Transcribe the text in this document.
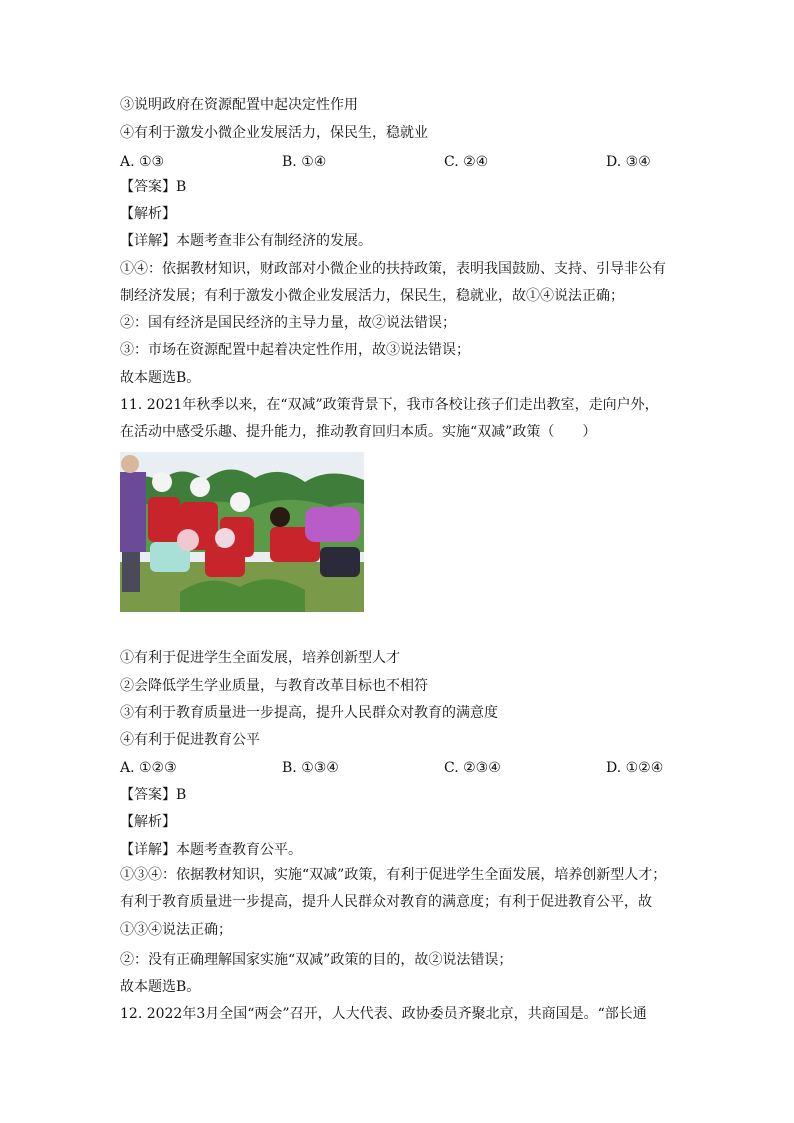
③说明政府在资源配置中起决定性作用
④有利于激发小微企业发展活力，保民生，稳就业
A. ①③	B. ①④	C. ②④	D. ③④
【答案】B
【解析】
【详解】本题考查非公有制经济的发展。
①④：依据教材知识，财政部对小微企业的扶持政策，表明我国鼓励、支持、引导非公有
制经济发展；有利于激发小微企业发展活力，保民生，稳就业，故①④说法正确；
②：国有经济是国民经济的主导力量，故②说法错误；
③：市场在资源配置中起着决定性作用，故③说法错误；
故本题选B。
11. 2021年秋季以来，在“双减”政策背景下，我市各校让孩子们走出教室，走向户外，
在活动中感受乐趣、提升能力，推动教育回归本质。实施“双减”政策（　　）
①有利于促进学生全面发展，培养创新型人才
②会降低学生学业质量，与教育改革目标也不相符
③有利于教育质量进一步提高，提升人民群众对教育的满意度
④有利于促进教育公平
A. ①②③	B. ①③④	C. ②③④	D. ①②④
【答案】B
【解析】
【详解】本题考查教育公平。
①③④：依据教材知识，实施“双减”政策，有利于促进学生全面发展，培养创新型人才；
有利于教育质量进一步提高，提升人民群众对教育的满意度；有利于促进教育公平，故
①③④说法正确；
②：没有正确理解国家实施“双减”政策的目的，故②说法错误；
故本题选B。
12. 2022年3月全国“两会”召开，人大代表、政协委员齐聚北京，共商国是。“部长通
